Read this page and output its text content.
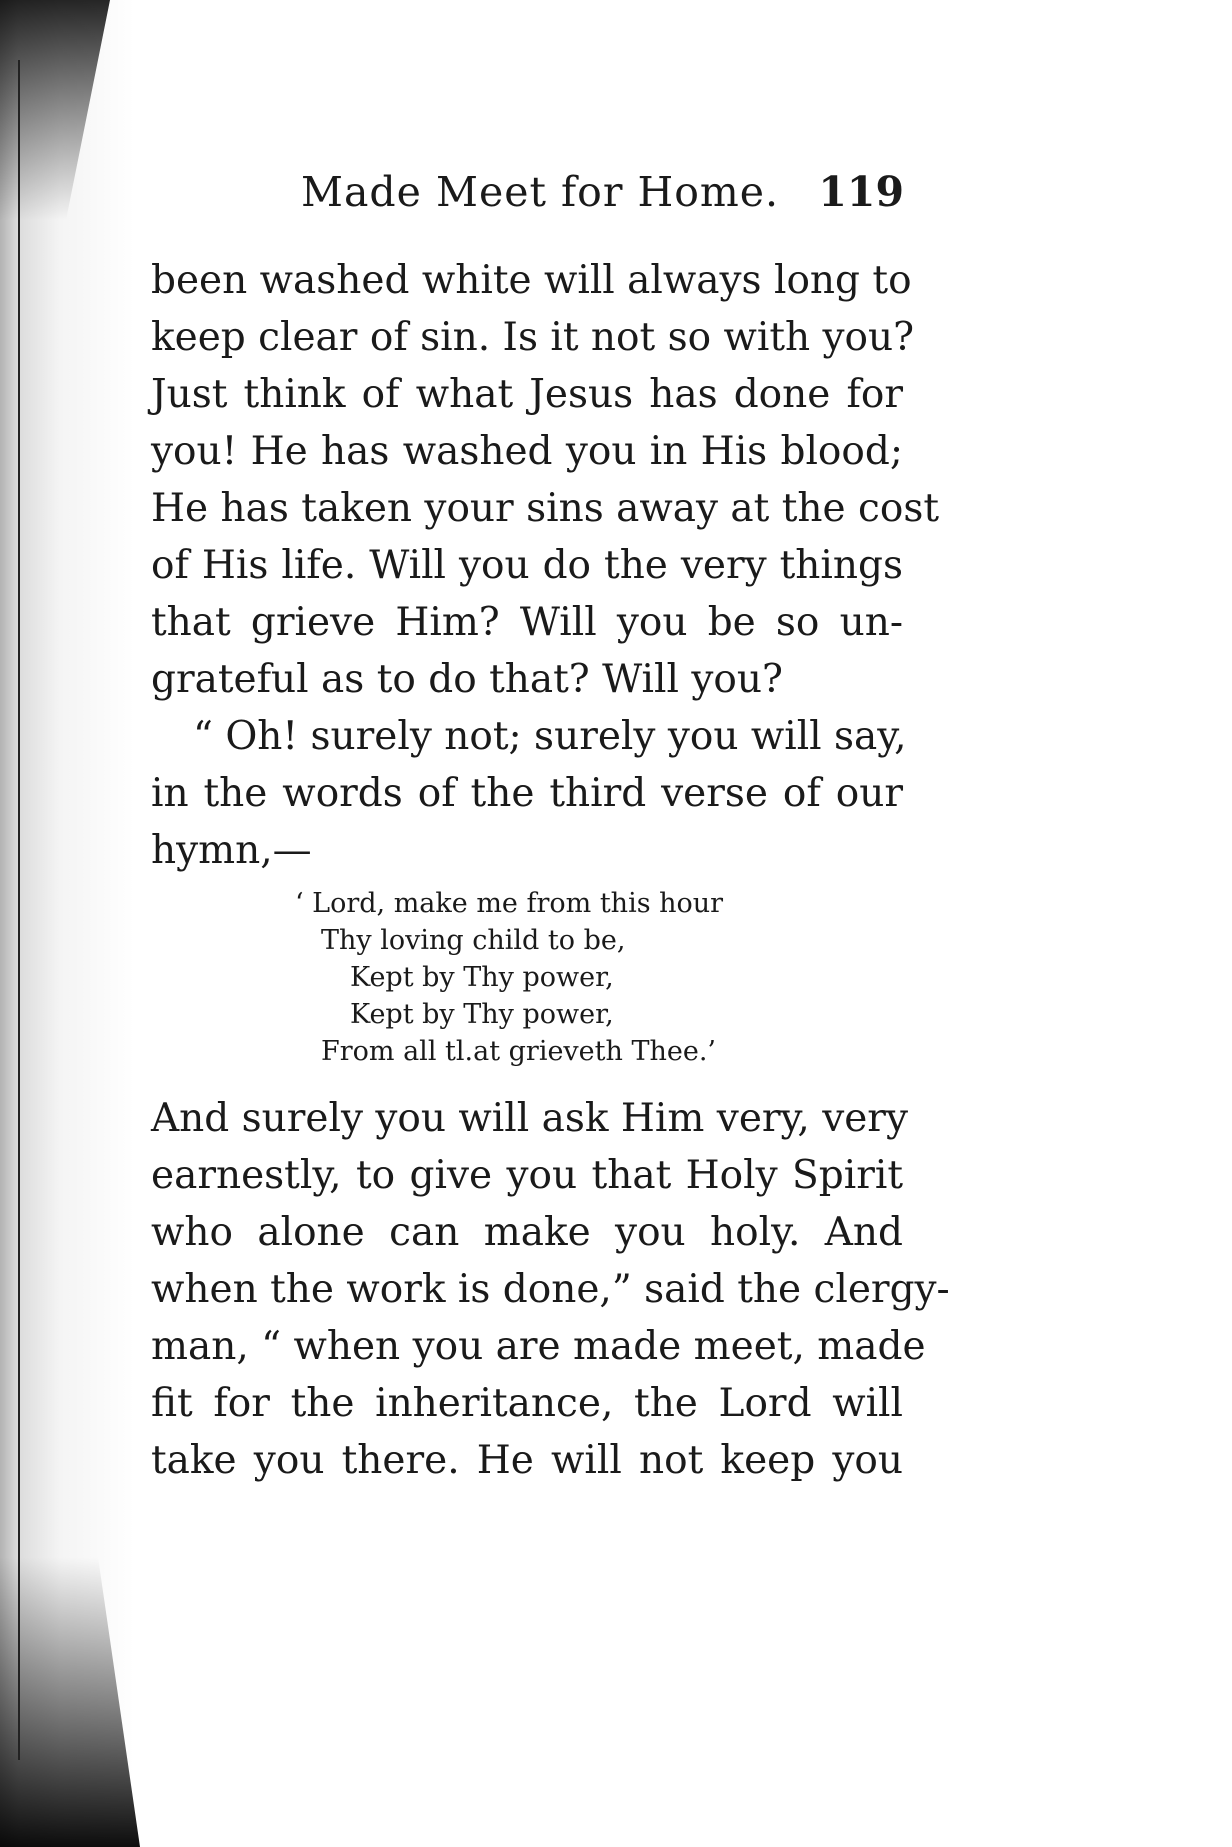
Made Meet for Home. 119
been washed white will always long to
keep clear of sin. Is it not so with you?
Just think of what Jesus has done for
you! He has washed you in His blood;
He has taken your sins away at the cost
of His life. Will you do the very things
that grieve Him? Will you be so un-
grateful as to do that? Will you?
“ Oh! surely not; surely you will say,
in the words of the third verse of our
hymn,—
‘ Lord, make me from this hour
Thy loving child to be,
Kept by Thy power,
Kept by Thy power,
From all tl.at grieveth Thee.’
And surely you will ask Him very, very
earnestly, to give you that Holy Spirit
who alone can make you holy. And
when the work is done,” said the clergy-
man, “ when you are made meet, made
fit for the inheritance, the Lord will
take you there. He will not keep you
